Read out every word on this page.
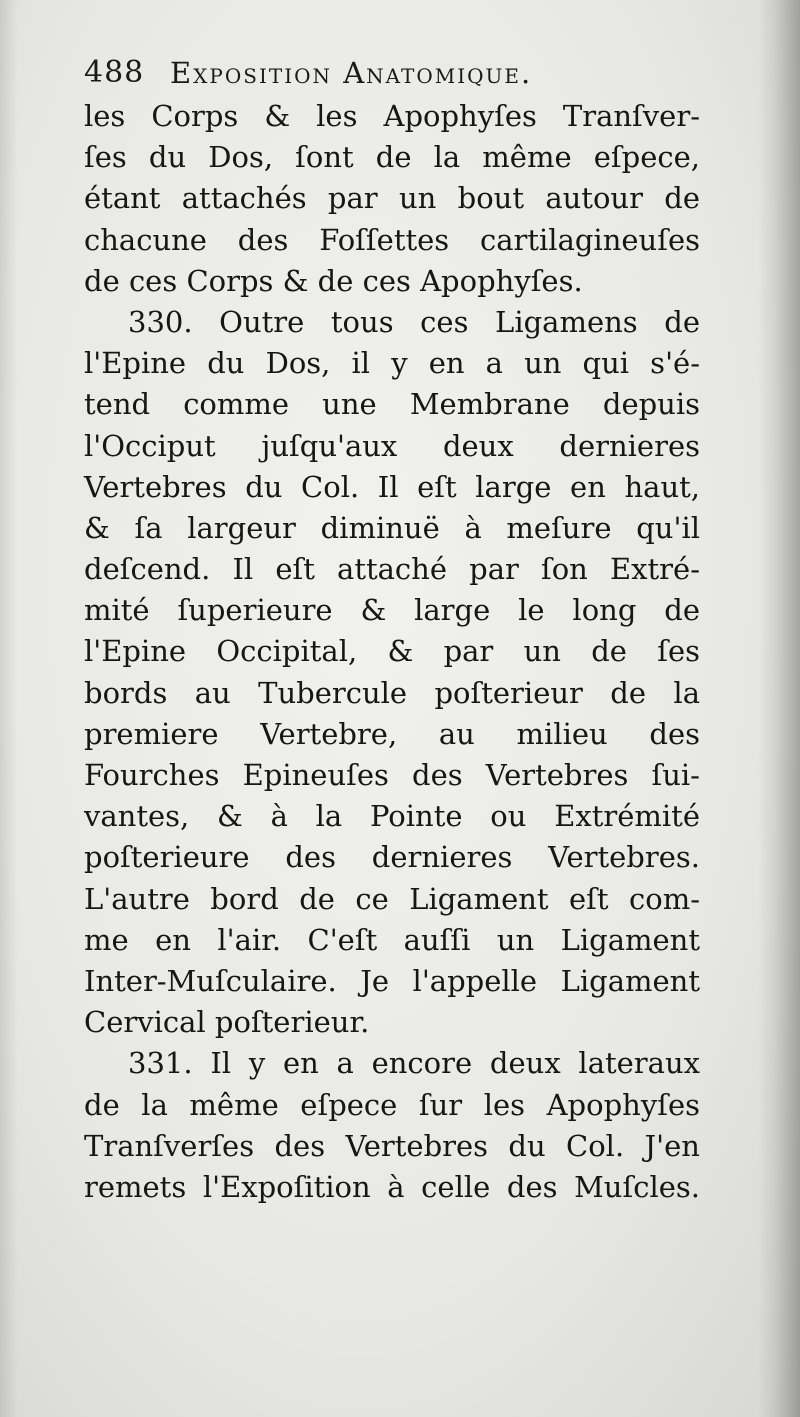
488 Exposition Anatomique.
les Corps & les Apophyſes Tranſver-
ſes du Dos, ſont de la même eſpece,
étant attachés par un bout autour de
chacune des Foſſettes cartilagineuſes
de ces Corps & de ces Apophyſes.
330. Outre tous ces Ligamens de
l'Epine du Dos, il y en a un qui s'é-
tend comme une Membrane depuis
l'Occiput juſqu'aux deux dernieres
Vertebres du Col. Il eſt large en haut,
& ſa largeur diminuë à meſure qu'il
deſcend. Il eſt attaché par ſon Extré-
mité ſuperieure & large le long de
l'Epine Occipital, & par un de ſes
bords au Tubercule poſterieur de la
premiere Vertebre, au milieu des
Fourches Epineuſes des Vertebres ſui-
vantes, & à la Pointe ou Extrémité
poſterieure des dernieres Vertebres.
L'autre bord de ce Ligament eſt com-
me en l'air. C'eſt auſſi un Ligament
Inter-Muſculaire. Je l'appelle Ligament
Cervical poſterieur.
331. Il y en a encore deux lateraux
de la même eſpece ſur les Apophyſes
Tranſverſes des Vertebres du Col. J'en
remets l'Expoſition à celle des Muſcles.
